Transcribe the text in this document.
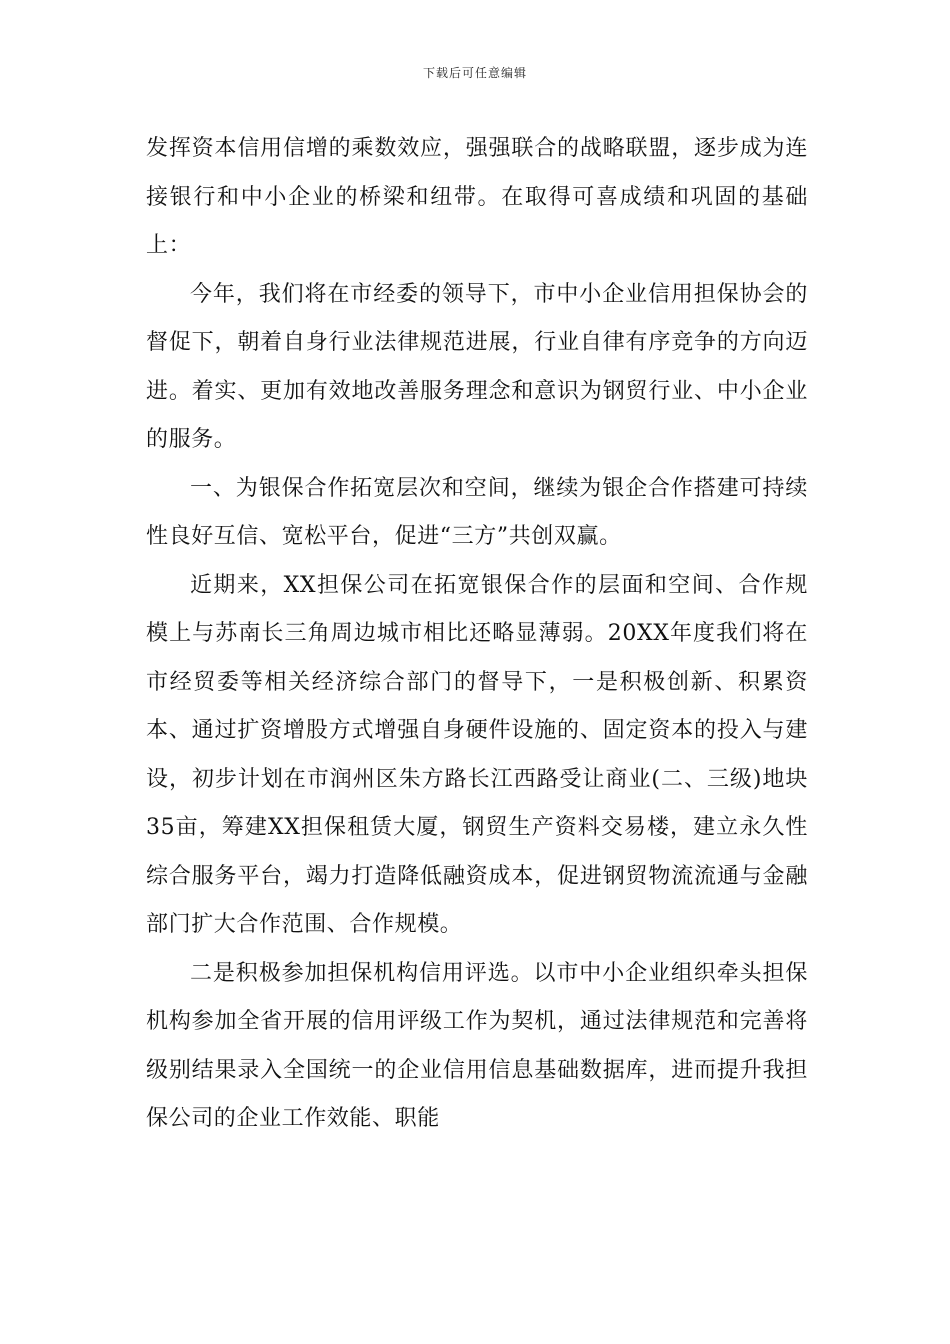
下载后可任意编辑

发挥资本信用信增的乘数效应，强强联合的战略联盟，逐步成为连接银行和中小企业的桥梁和纽带。在取得可喜成绩和巩固的基础上：

今年，我们将在市经委的领导下，市中小企业信用担保协会的督促下，朝着自身行业法律规范进展，行业自律有序竞争的方向迈进。着实、更加有效地改善服务理念和意识为钢贸行业、中小企业的服务。

一、为银保合作拓宽层次和空间，继续为银企合作搭建可持续性良好互信、宽松平台，促进“三方”共创双赢。

近期来，XX担保公司在拓宽银保合作的层面和空间、合作规模上与苏南长三角周边城市相比还略显薄弱。20XX年度我们将在市经贸委等相关经济综合部门的督导下，一是积极创新、积累资本、通过扩资增股方式增强自身硬件设施的、固定资本的投入与建设，初步计划在市润州区朱方路长江西路受让商业(二、三级)地块35亩，筹建XX担保租赁大厦，钢贸生产资料交易楼，建立永久性综合服务平台，竭力打造降低融资成本，促进钢贸物流流通与金融部门扩大合作范围、合作规模。

二是积极参加担保机构信用评选。以市中小企业组织牵头担保机构参加全省开展的信用评级工作为契机，通过法律规范和完善将级别结果录入全国统一的企业信用信息基础数据库，进而提升我担保公司的企业工作效能、职能
